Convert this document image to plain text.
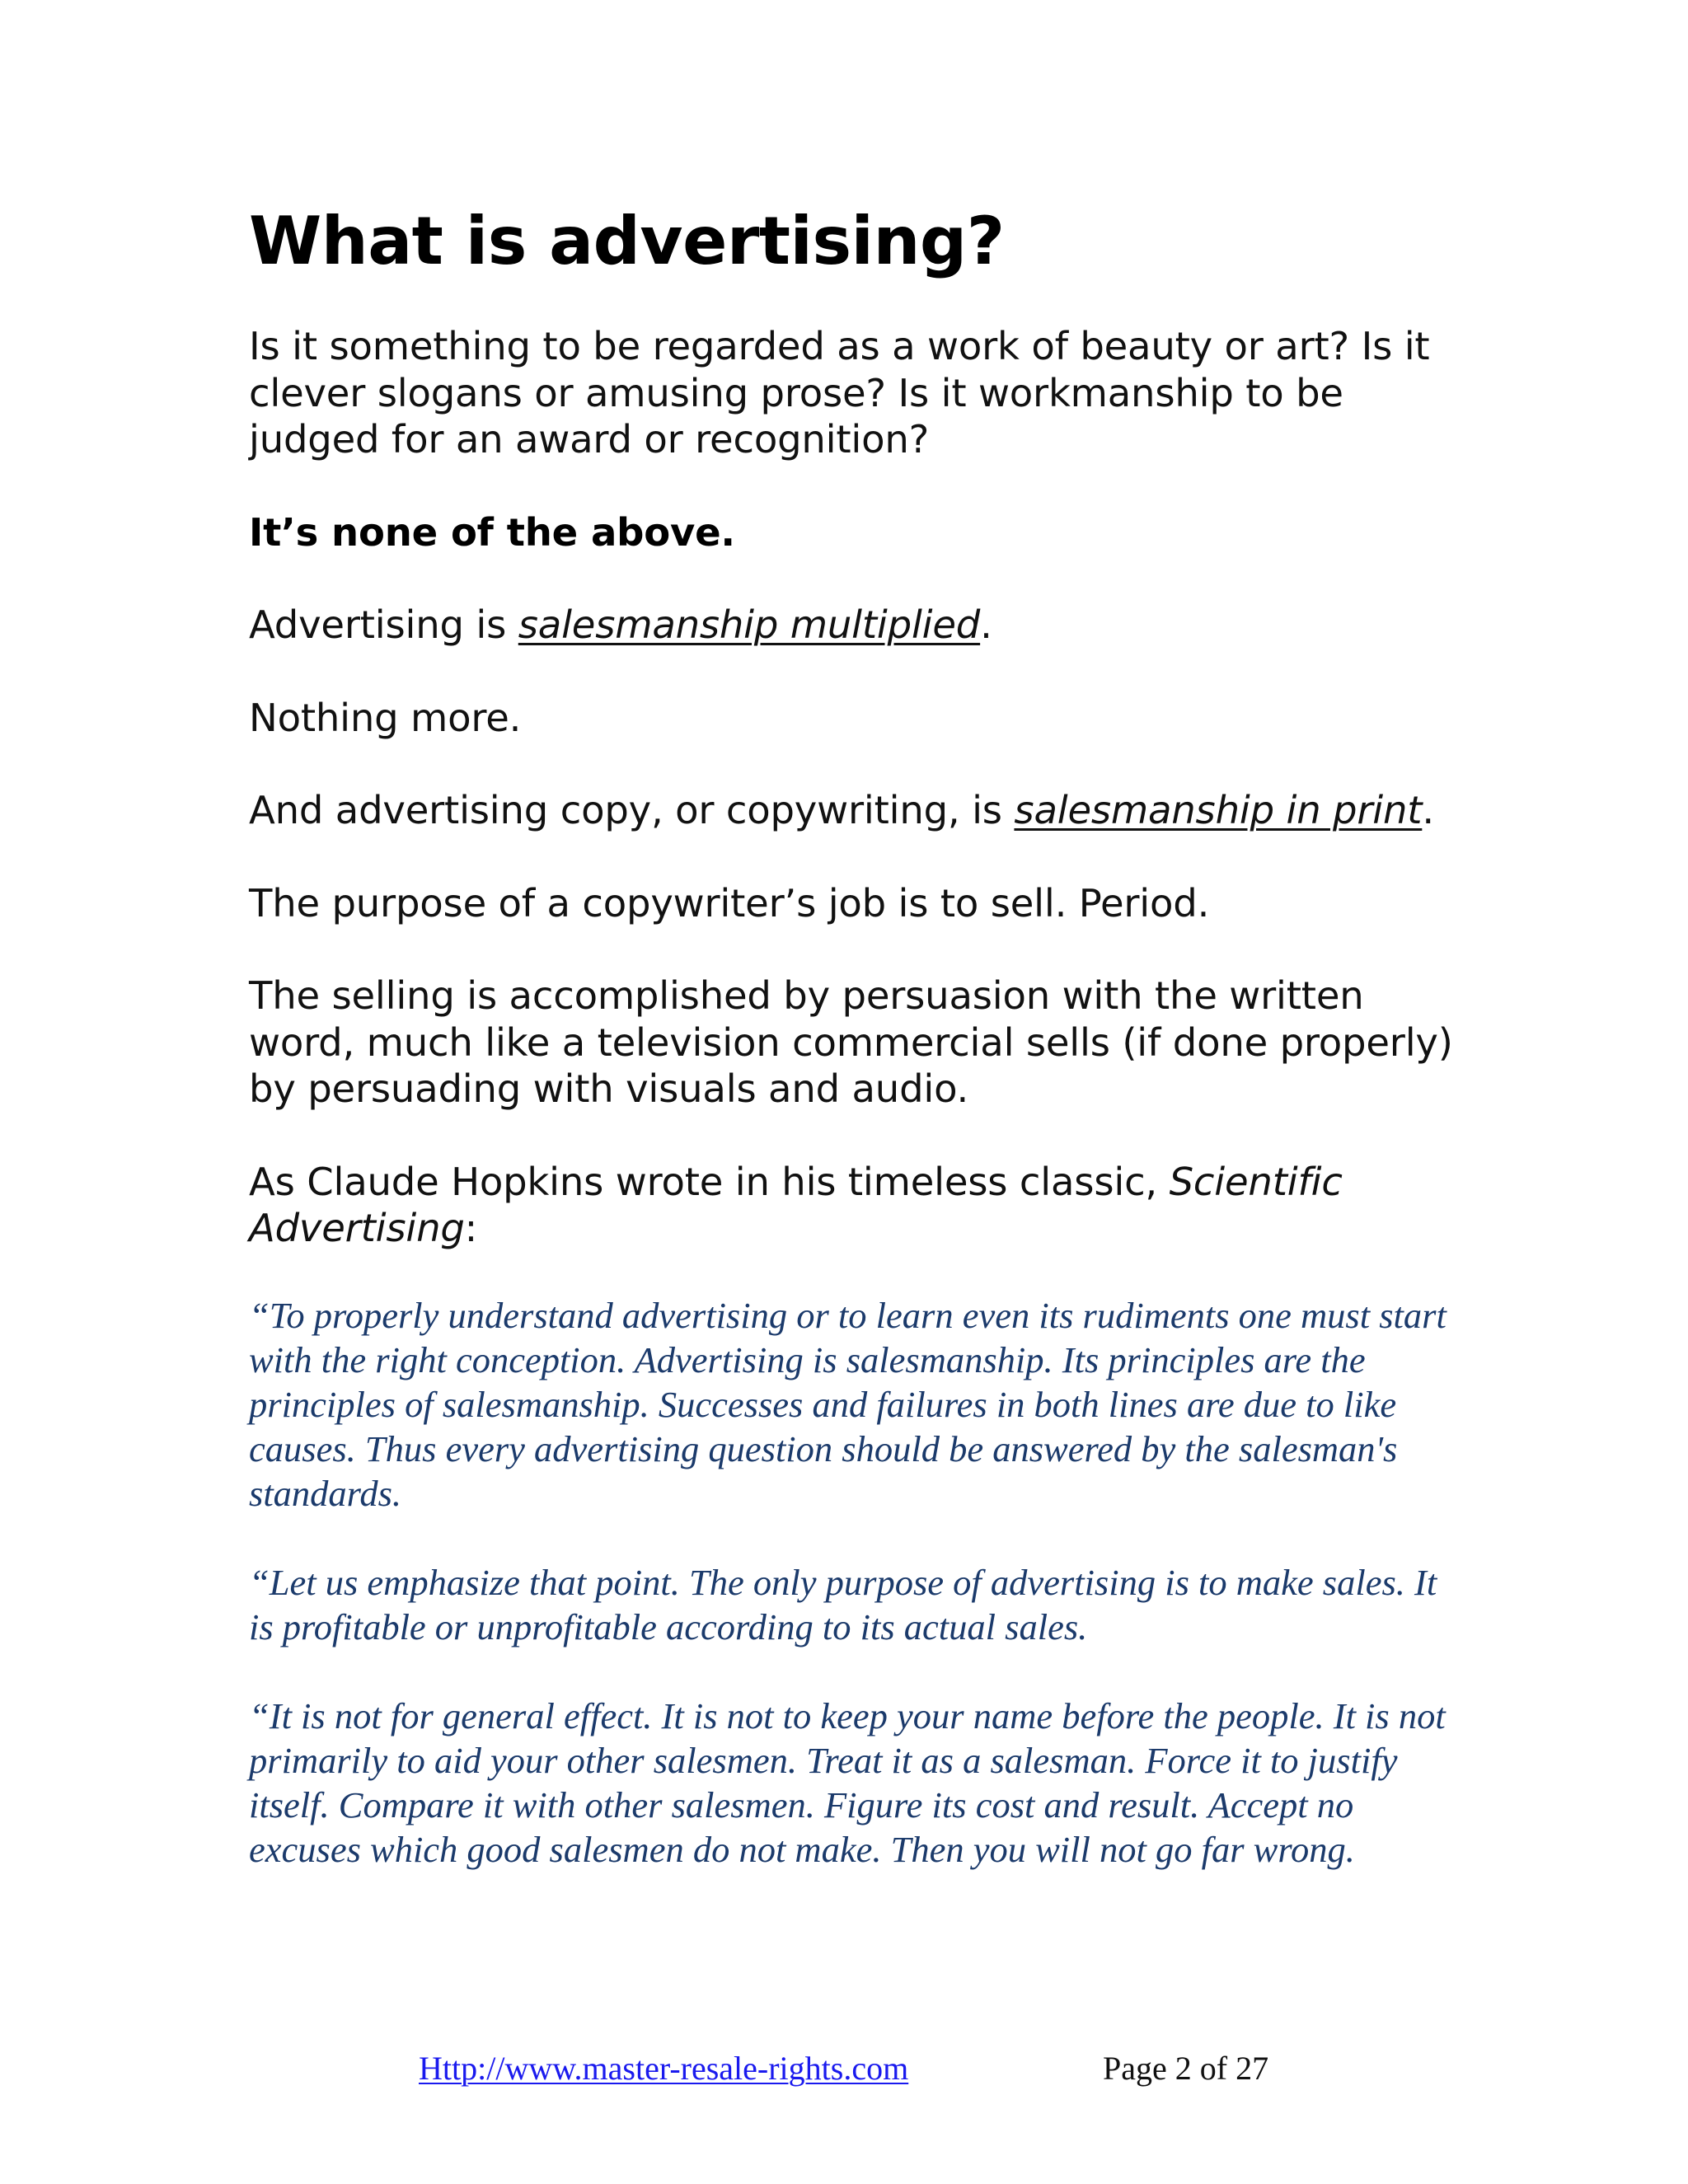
What is advertising?

Is it something to be regarded as a work of beauty or art? Is it clever slogans or amusing prose? Is it workmanship to be judged for an award or recognition?

It’s none of the above.

Advertising is salesmanship multiplied.

Nothing more.

And advertising copy, or copywriting, is salesmanship in print.

The purpose of a copywriter’s job is to sell. Period.

The selling is accomplished by persuasion with the written word, much like a television commercial sells (if done properly) by persuading with visuals and audio.

As Claude Hopkins wrote in his timeless classic, Scientific Advertising:

“To properly understand advertising or to learn even its rudiments one must start with the right conception. Advertising is salesmanship. Its principles are the principles of salesmanship. Successes and failures in both lines are due to like causes. Thus every advertising question should be answered by the salesman's standards.

“Let us emphasize that point. The only purpose of advertising is to make sales. It is profitable or unprofitable according to its actual sales.

“It is not for general effect. It is not to keep your name before the people. It is not primarily to aid your other salesmen. Treat it as a salesman. Force it to justify itself. Compare it with other salesmen. Figure its cost and result. Accept no excuses which good salesmen do not make. Then you will not go far wrong.

Http://www.master-resale-rights.com	Page 2 of 27
